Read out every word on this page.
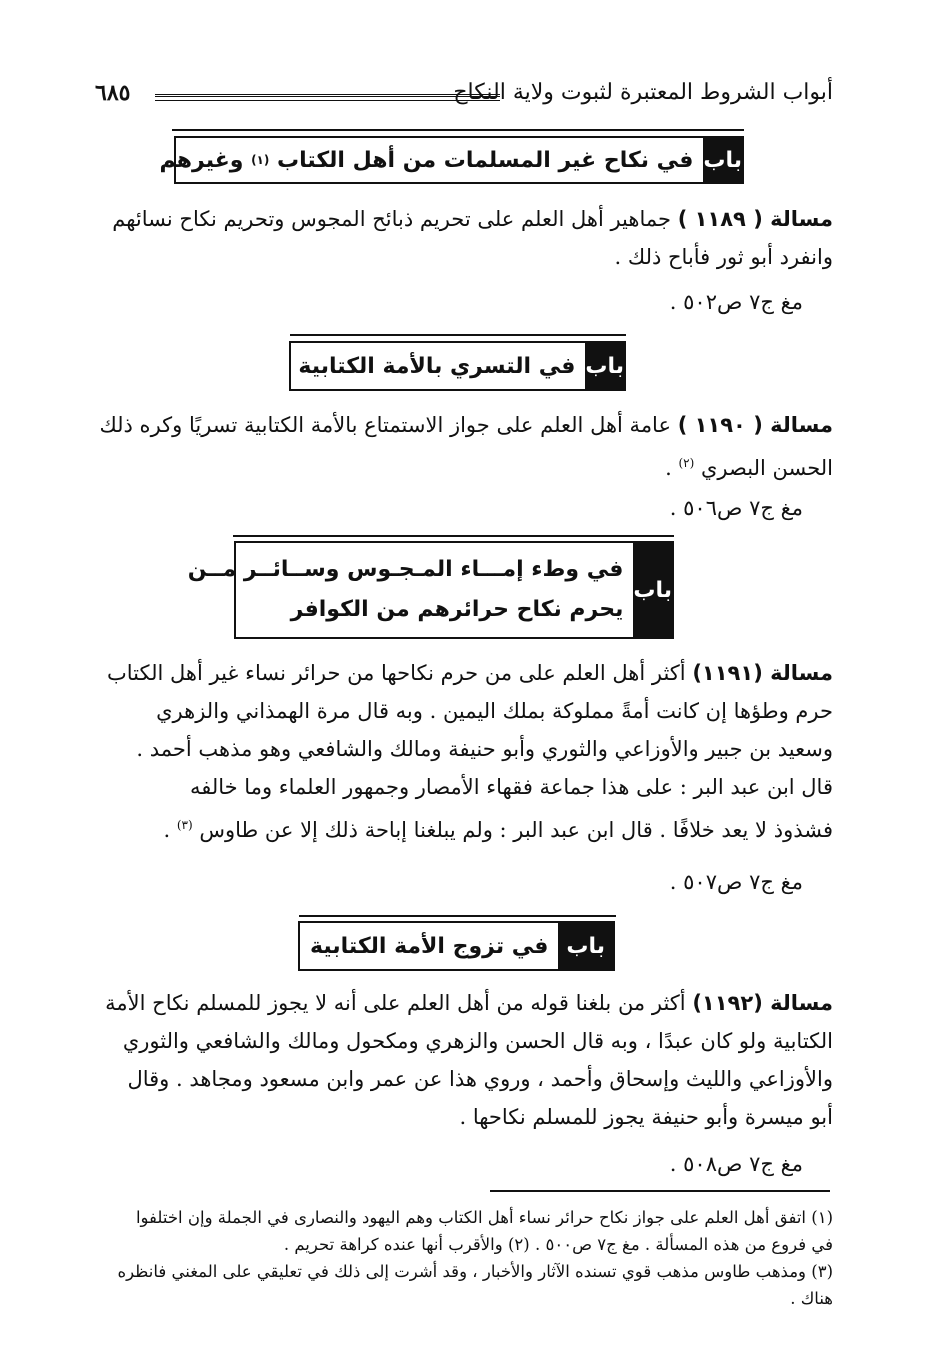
أبواب الشروط المعتبرة لثبوت ولاية النكاح
٦٨٥
باب
في نكاح غير المسلمات من أهل الكتاب

(١)

وغيرهم
مسالة ( ١١٨٩ ) جماهير أهل العلم على تحريم ذبائح المجوس وتحريم نكاح نسائهم
وانفرد أبو ثور فأباح ذلك .
مغ ج٧ ص٥٠٢ .
باب
في التسري بالأمة الكتابية
مسالة ( ١١٩٠ ) عامة أهل العلم على جواز الاستمتاع بالأمة الكتابية تسريًا وكره ذلك
الحسن البصري $^{(٢)}$ .
مغ ج٧ ص٥٠٦ .
باب
في وطء إمـــاء المـجـوس وســائــر مــن
يحرم نكاح حرائرهم من الكوافر
مسالة (١١٩١) أكثر أهل العلم على من حرم نكاحها من حرائر نساء غير أهل الكتاب
حرم وطؤها إن كانت أمةً مملوكة بملك اليمين . وبه قال مرة الهمذاني والزهري
وسعيد بن جبير والأوزاعي والثوري وأبو حنيفة ومالك والشافعي وهو مذهب أحمد .
قال ابن عبد البر : على هذا جماعة فقهاء الأمصار وجمهور العلماء وما خالفه
فشذوذ لا يعد خلافًا . قال ابن عبد البر : ولم يبلغنا إباحة ذلك إلا عن طاوس $^{(٣)}$ .
مغ ج٧ ص٥٠٧ .
باب
في تزوج الأمة الكتابية
مسالة (١١٩٢) أكثر من بلغنا قوله من أهل العلم على أنه لا يجوز للمسلم نكاح الأمة
الكتابية ولو كان عبدًا ، وبه قال الحسن والزهري ومكحول ومالك والشافعي والثوري
والأوزاعي والليث وإسحاق وأحمد ، وروي هذا عن عمر وابن مسعود ومجاهد . وقال
أبو ميسرة وأبو حنيفة يجوز للمسلم نكاحها .
مغ ج٧ ص٥٠٨ .
(١) اتفق أهل العلم على جواز نكاح حرائر نساء أهل الكتاب وهم اليهود والنصارى في الجملة وإن اختلفوا
في فروع من هذه المسألة . مغ ج٧ ص٥٠٠ . (٢) والأقرب أنها عنده كراهة تحريم .
(٣) ومذهب طاوس مذهب قوي تسنده الآثار والأخبار ، وقد أشرت إلى ذلك في تعليقي على المغني فانظره هناك .
